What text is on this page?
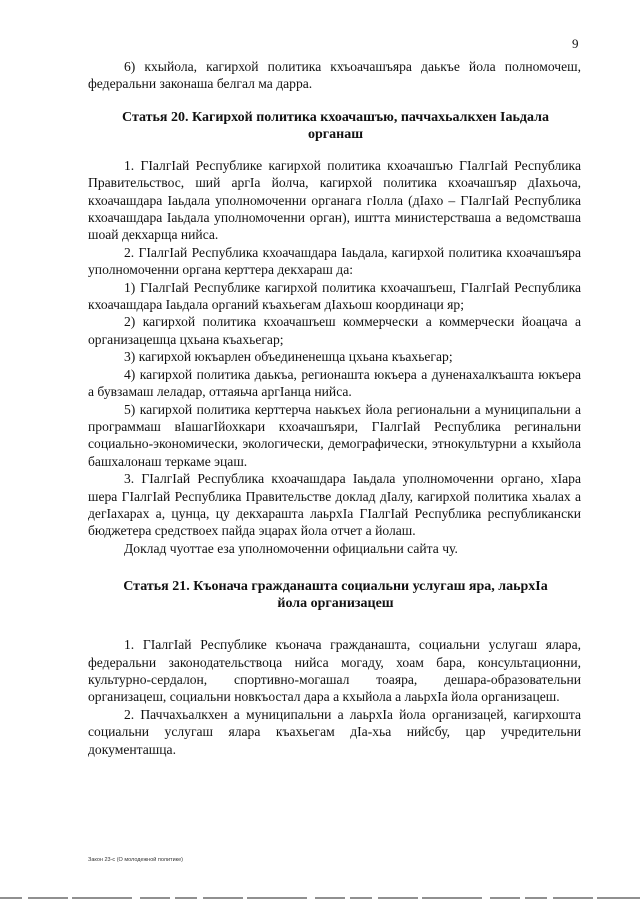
9

6) кхыйола, кагирхой политика кхъоачашъяра даькъе йола полномочеш, федеральни законаша белгал ма дарра.

Статья 20. Кагирхой политика кхоачашъю, паччахьалкхен Iаьдала органаш

1. ГIалгIай Республике кагирхой политика кхоачашъю ГIалгIай Республика Правительствос, ший аргIа йолча, кагирхой политика кхоачашъяр дIахьоча, кхоачашдара Iаьдала уполномоченни органага гIолла (дIахо – ГIалгIай Республика кхоачашдара Iаьдала уполномоченни орган), иштта министерстваша а ведомстваша шоай декхарща нийса.

2. ГIалгIай Республика кхоачашдара Iаьдала, кагирхой политика кхоачашъяра уполномоченни органа керттера декхараш да:

1) ГIалгIай Республике кагирхой политика кхоачашъеш, ГIалгIай Республика кхоачашдара Iаьдала органий къахьегам дIахьош координаци яр;

2) кагирхой политика кхоачашъеш коммерчески а коммерчески йоацача а организацешца цхьана къахьегар;

3) кагирхой юкъарлен объединенешца цхьана къахьегар;

4) кагирхой политика даькъа, регионашта юкъера а дуненахалкъашта юкъера а бувзамаш леладар, оттаяьча аргIанца нийса.

5) кагирхой политика керттерча наькъех йола региональни а муниципальни а программаш вIашагIйохкари кхоачашъяри, ГIалгIай Республика регинальни социально-экономически, экологически, демографически, этнокультурни а кхыйола башхалонаш теркаме эцаш.

3. ГIалгIай Республика кхоачашдара Iаьдала уполномоченни органо, хIара шера ГIалгIай Республика Правительстве доклад дIалу, кагирхой политика хьалах а дегIахарах а, цунца, цу декхарашта лаьрхIа ГIалгIай Республика республикански бюджетера средствоех пайда эцарах йола отчет а йолаш.

Доклад чуоттае еза уполномоченни официальни сайта чу.

Статья 21. Къоначa гражданашта социальни услугаш яра, лаьрхIа йола организацеш

1. ГIалгIай Республике къонача гражданашта, социальни услугаш ялара, федеральни законодательствоца нийса могаду, хоам бара, консультационни, культурно-сердалон, спортивно-могашал тоаяра, дешара-образовательни организацеш, социальни новкъостал дара а кхыйола а лаьрхIа йола организацеш.

2. Паччахьалкхен а муниципальни а лаьрхIа йола организацей, кагирхошта социальни услугаш ялара къахьегам дIа-хьа нийсбу, цар учредительни документашца.

Закон 23-с (О молодежной политике)
